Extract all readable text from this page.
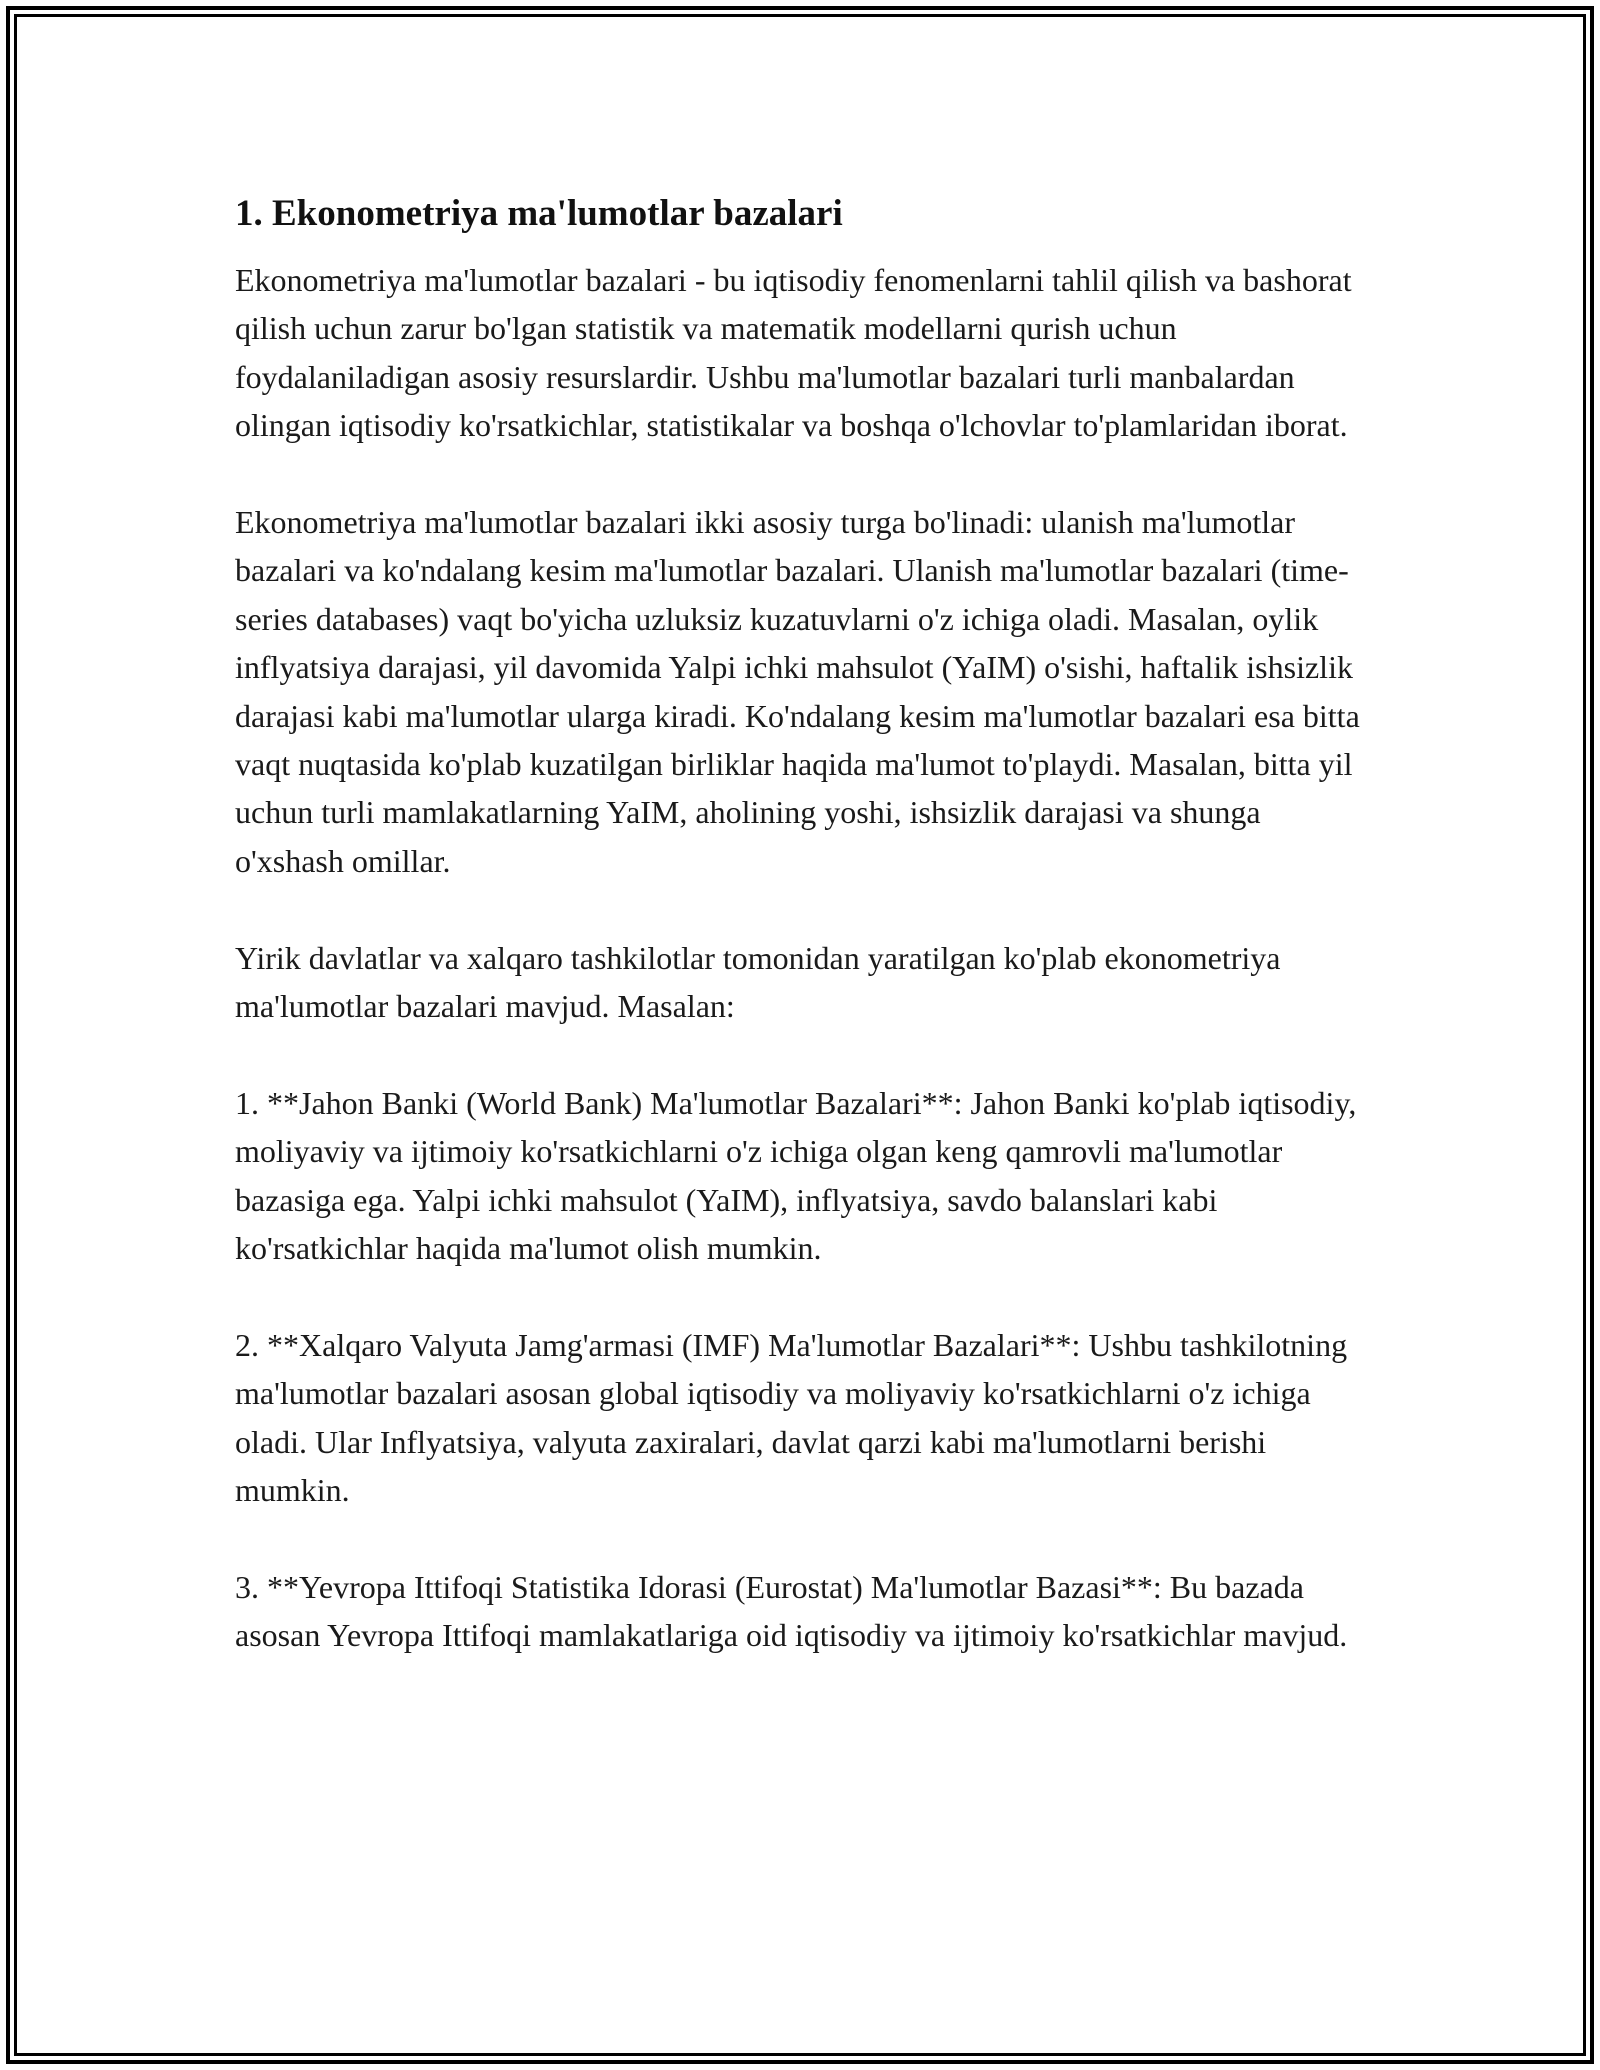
1. Ekonometriya ma'lumotlar bazalari

Ekonometriya ma'lumotlar bazalari - bu iqtisodiy fenomenlarni tahlil qilish va bashorat qilish uchun zarur bo'lgan statistik va matematik modellarni qurish uchun foydalaniladigan asosiy resurslardir. Ushbu ma'lumotlar bazalari turli manbalardan olingan iqtisodiy ko'rsatkichlar, statistikalar va boshqa o'lchovlar to'plamlaridan iborat.

Ekonometriya ma'lumotlar bazalari ikki asosiy turga bo'linadi: ulanish ma'lumotlar bazalari va ko'ndalang kesim ma'lumotlar bazalari. Ulanish ma'lumotlar bazalari (time-series databases) vaqt bo'yicha uzluksiz kuzatuvlarni o'z ichiga oladi. Masalan, oylik inflyatsiya darajasi, yil davomida Yalpi ichki mahsulot (YaIM) o'sishi, haftalik ishsizlik darajasi kabi ma'lumotlar ularga kiradi. Ko'ndalang kesim ma'lumotlar bazalari esa bitta vaqt nuqtasida ko'plab kuzatilgan birliklar haqida ma'lumot to'playdi. Masalan, bitta yil uchun turli mamlakatlarning YaIM, aholining yoshi, ishsizlik darajasi va shunga o'xshash omillar.

Yirik davlatlar va xalqaro tashkilotlar tomonidan yaratilgan ko'plab ekonometriya ma'lumotlar bazalari mavjud. Masalan:

1. **Jahon Banki (World Bank) Ma'lumotlar Bazalari**: Jahon Banki ko'plab iqtisodiy, moliyaviy va ijtimoiy ko'rsatkichlarni o'z ichiga olgan keng qamrovli ma'lumotlar bazasiga ega. Yalpi ichki mahsulot (YaIM), inflyatsiya, savdo balanslari kabi ko'rsatkichlar haqida ma'lumot olish mumkin.

2. **Xalqaro Valyuta Jamg'armasi (IMF) Ma'lumotlar Bazalari**: Ushbu tashkilotning ma'lumotlar bazalari asosan global iqtisodiy va moliyaviy ko'rsatkichlarni o'z ichiga oladi. Ular Inflyatsiya, valyuta zaxiralari, davlat qarzi kabi ma'lumotlarni berishi mumkin.

3. **Yevropa Ittifoqi Statistika Idorasi (Eurostat) Ma'lumotlar Bazasi**: Bu bazada asosan Yevropa Ittifoqi mamlakatlariga oid iqtisodiy va ijtimoiy ko'rsatkichlar mavjud.
